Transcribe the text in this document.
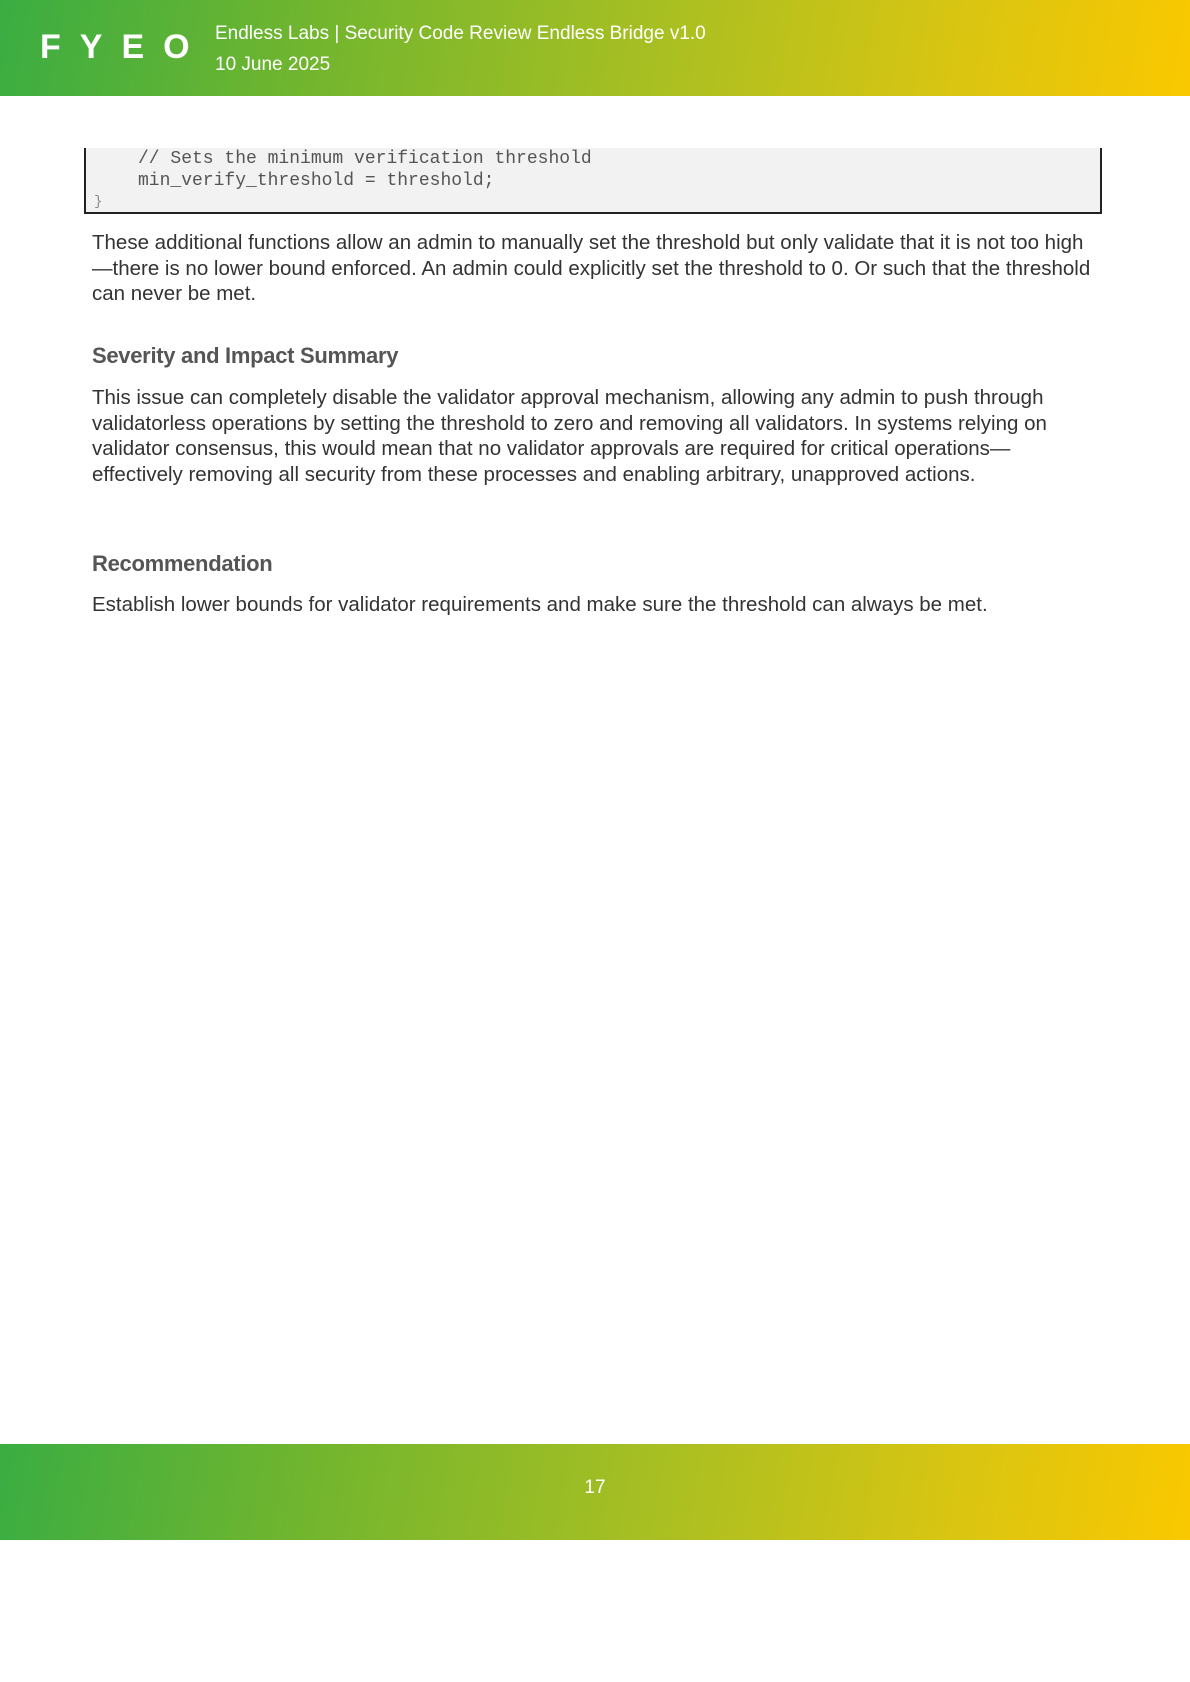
FYEO Endless Labs | Security Code Review Endless Bridge v1.0
10 June 2025
// Sets the minimum verification threshold
min_verify_threshold = threshold;
}

These additional functions allow an admin to manually set the threshold but only validate that it is not too high—there is no lower bound enforced. An admin could explicitly set the threshold to 0. Or such that the threshold can never be met.

Severity and Impact Summary

This issue can completely disable the validator approval mechanism, allowing any admin to push through validatorless operations by setting the threshold to zero and removing all validators. In systems relying on validator consensus, this would mean that no validator approvals are required for critical operations—effectively removing all security from these processes and enabling arbitrary, unapproved actions.

Recommendation

Establish lower bounds for validator requirements and make sure the threshold can always be met.

17
